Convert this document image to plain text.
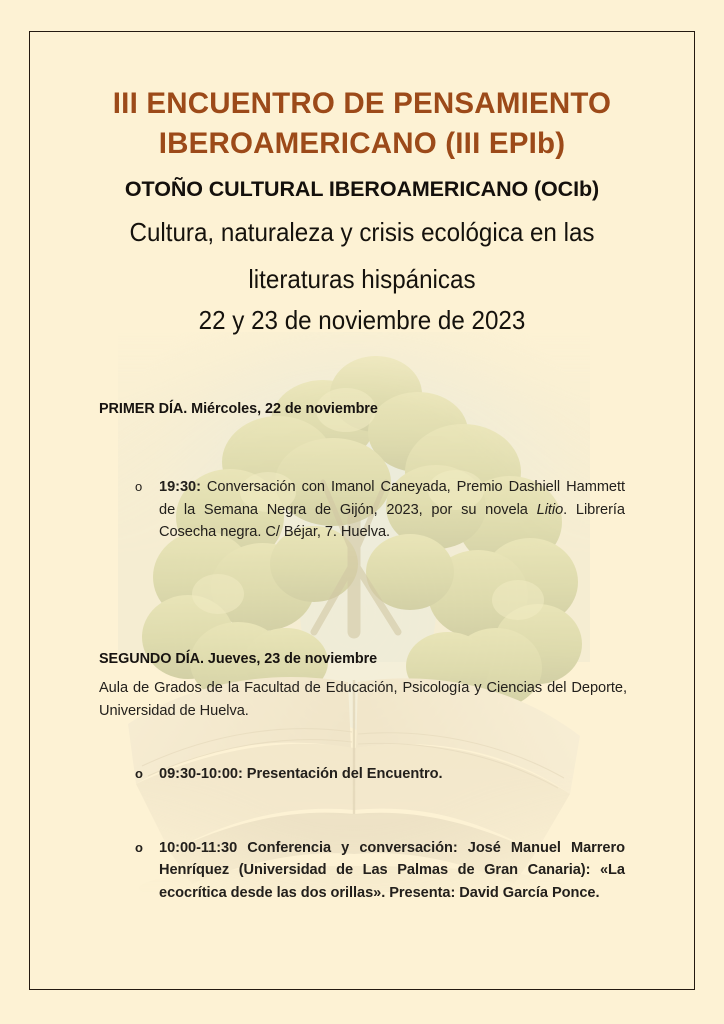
III ENCUENTRO DE PENSAMIENTO
IBEROAMERICANO (III EPIb)
OTOÑO CULTURAL IBEROAMERICANO (OCIb)

Cultura, naturaleza y crisis ecológica en las

literaturas hispánicas

22 y 23 de noviembre de 2023

PRIMER DÍA. Miércoles, 22 de noviembre

o 19:30: Conversación con Imanol Caneyada, Premio Dashiell Hammett de la Semana Negra de Gijón, 2023, por su novela Litio. Librería Cosecha negra. C/ Béjar, 7. Huelva.

SEGUNDO DÍA. Jueves, 23 de noviembre

Aula de Grados de la Facultad de Educación, Psicología y Ciencias del Deporte, Universidad de Huelva.

o 09:30-10:00: Presentación del Encuentro.
o 10:00-11:30 Conferencia y conversación: José Manuel Marrero Henríquez (Universidad de Las Palmas de Gran Canaria): «La ecocrítica desde las dos orillas». Presenta: David García Ponce.
